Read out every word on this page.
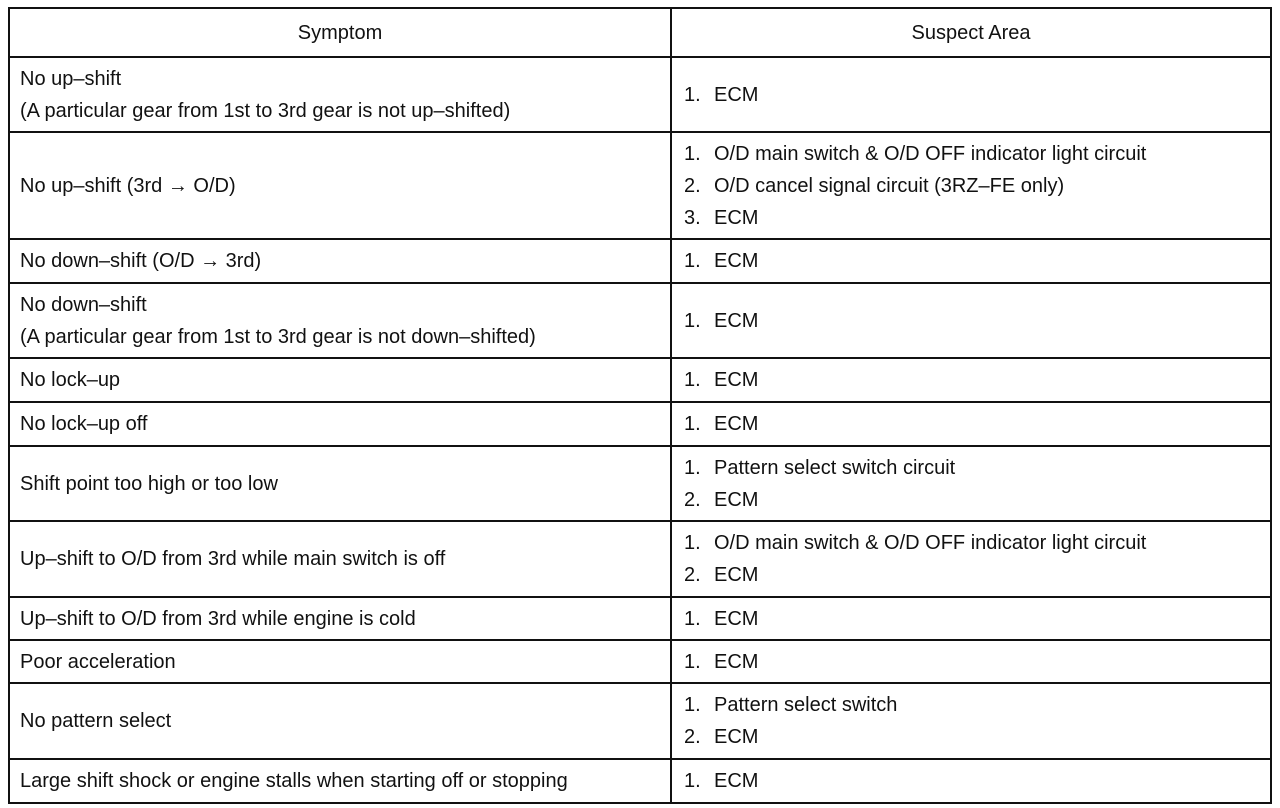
Symptom	Suspect Area

No up–shift
(A particular gear from 1st to 3rd gear is not up–shifted)	1. ECM

No up–shift (3rd → O/D)	1. O/D main switch & O/D OFF indicator light circuit
2. O/D cancel signal circuit (3RZ–FE only)
3. ECM

No down–shift (O/D → 3rd)	1. ECM

No down–shift
(A particular gear from 1st to 3rd gear is not down–shifted)	1. ECM

No lock–up	1. ECM

No lock–up off	1. ECM

Shift point too high or too low	1. Pattern select switch circuit
2. ECM

Up–shift to O/D from 3rd while main switch is off	1. O/D main switch & O/D OFF indicator light circuit
2. ECM

Up–shift to O/D from 3rd while engine is cold	1. ECM

Poor acceleration	1. ECM

No pattern select	1. Pattern select switch
2. ECM

Large shift shock or engine stalls when starting off or stopping	1. ECM
